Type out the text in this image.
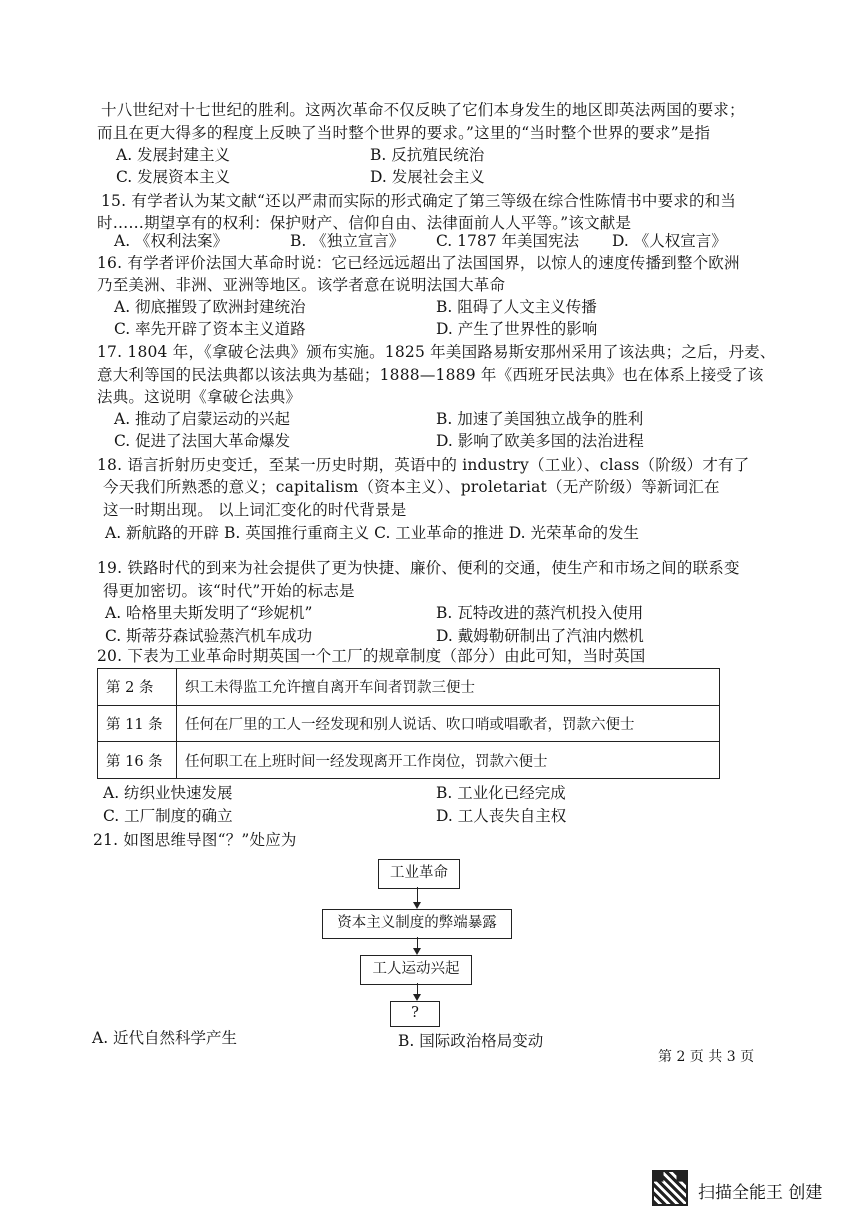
十八世纪对十七世纪的胜利。这两次革命不仅反映了它们本身发生的地区即英法两国的要求；
而且在更大得多的程度上反映了当时整个世界的要求。”这里的“当时整个世界的要求”是指
A. 发展封建主义	B. 反抗殖民统治
C. 发展资本主义	D. 发展社会主义
15. 有学者认为某文献“还以严肃而实际的形式确定了第三等级在综合性陈情书中要求的和当
时……期望享有的权利：保护财产、信仰自由、法律面前人人平等。”该文献是
A. 《权利法案》	B. 《独立宣言》 C. 1787 年美国宪法 D. 《人权宣言》
16. 有学者评价法国大革命时说：它已经远远超出了法国国界，以惊人的速度传播到整个欧洲
乃至美洲、非洲、亚洲等地区。该学者意在说明法国大革命
A. 彻底摧毁了欧洲封建统治	B. 阻碍了人文主义传播
C. 率先开辟了资本主义道路	D. 产生了世界性的影响
17. 1804 年，《拿破仑法典》颁布实施。1825 年美国路易斯安那州采用了该法典；之后，丹麦、
意大利等国的民法典都以该法典为基础；1888—1889 年《西班牙民法典》也在体系上接受了该
法典。这说明《拿破仑法典》
A. 推动了启蒙运动的兴起	B. 加速了美国独立战争的胜利
C. 促进了法国大革命爆发	D. 影响了欧美多国的法治进程
18. 语言折射历史变迁，至某一历史时期，英语中的 industry（工业）、class（阶级）才有了
今天我们所熟悉的意义；capitalism（资本主义）、proletariat（无产阶级）等新词汇在
这一时期出现。 以上词汇变化的时代背景是
A. 新航路的开辟 B. 英国推行重商主义 C. 工业革命的推进 D. 光荣革命的发生
19. 铁路时代的到来为社会提供了更为快捷、廉价、便利的交通，使生产和市场之间的联系变
得更加密切。该“时代”开始的标志是
A. 哈格里夫斯发明了“珍妮机”	B. 瓦特改进的蒸汽机投入使用
C. 斯蒂芬森试验蒸汽机车成功	D. 戴姆勒研制出了汽油内燃机
20. 下表为工业革命时期英国一个工厂的规章制度（部分）由此可知，当时英国
第 2 条	织工未得监工允许擅自离开车间者罚款三便士
第 11 条	任何在厂里的工人一经发现和别人说话、吹口哨或唱歌者，罚款六便士
第 16 条	任何职工在上班时间一经发现离开工作岗位，罚款六便士
A. 纺织业快速发展	B. 工业化已经完成
C. 工厂制度的确立	D. 工人丧失自主权
21. 如图思维导图“？”处应为
工业革命
资本主义制度的弊端暴露
工人运动兴起
?
A. 近代自然科学产生	B. 国际政治格局变动
第 2 页 共 3 页
扫描全能王 创建
